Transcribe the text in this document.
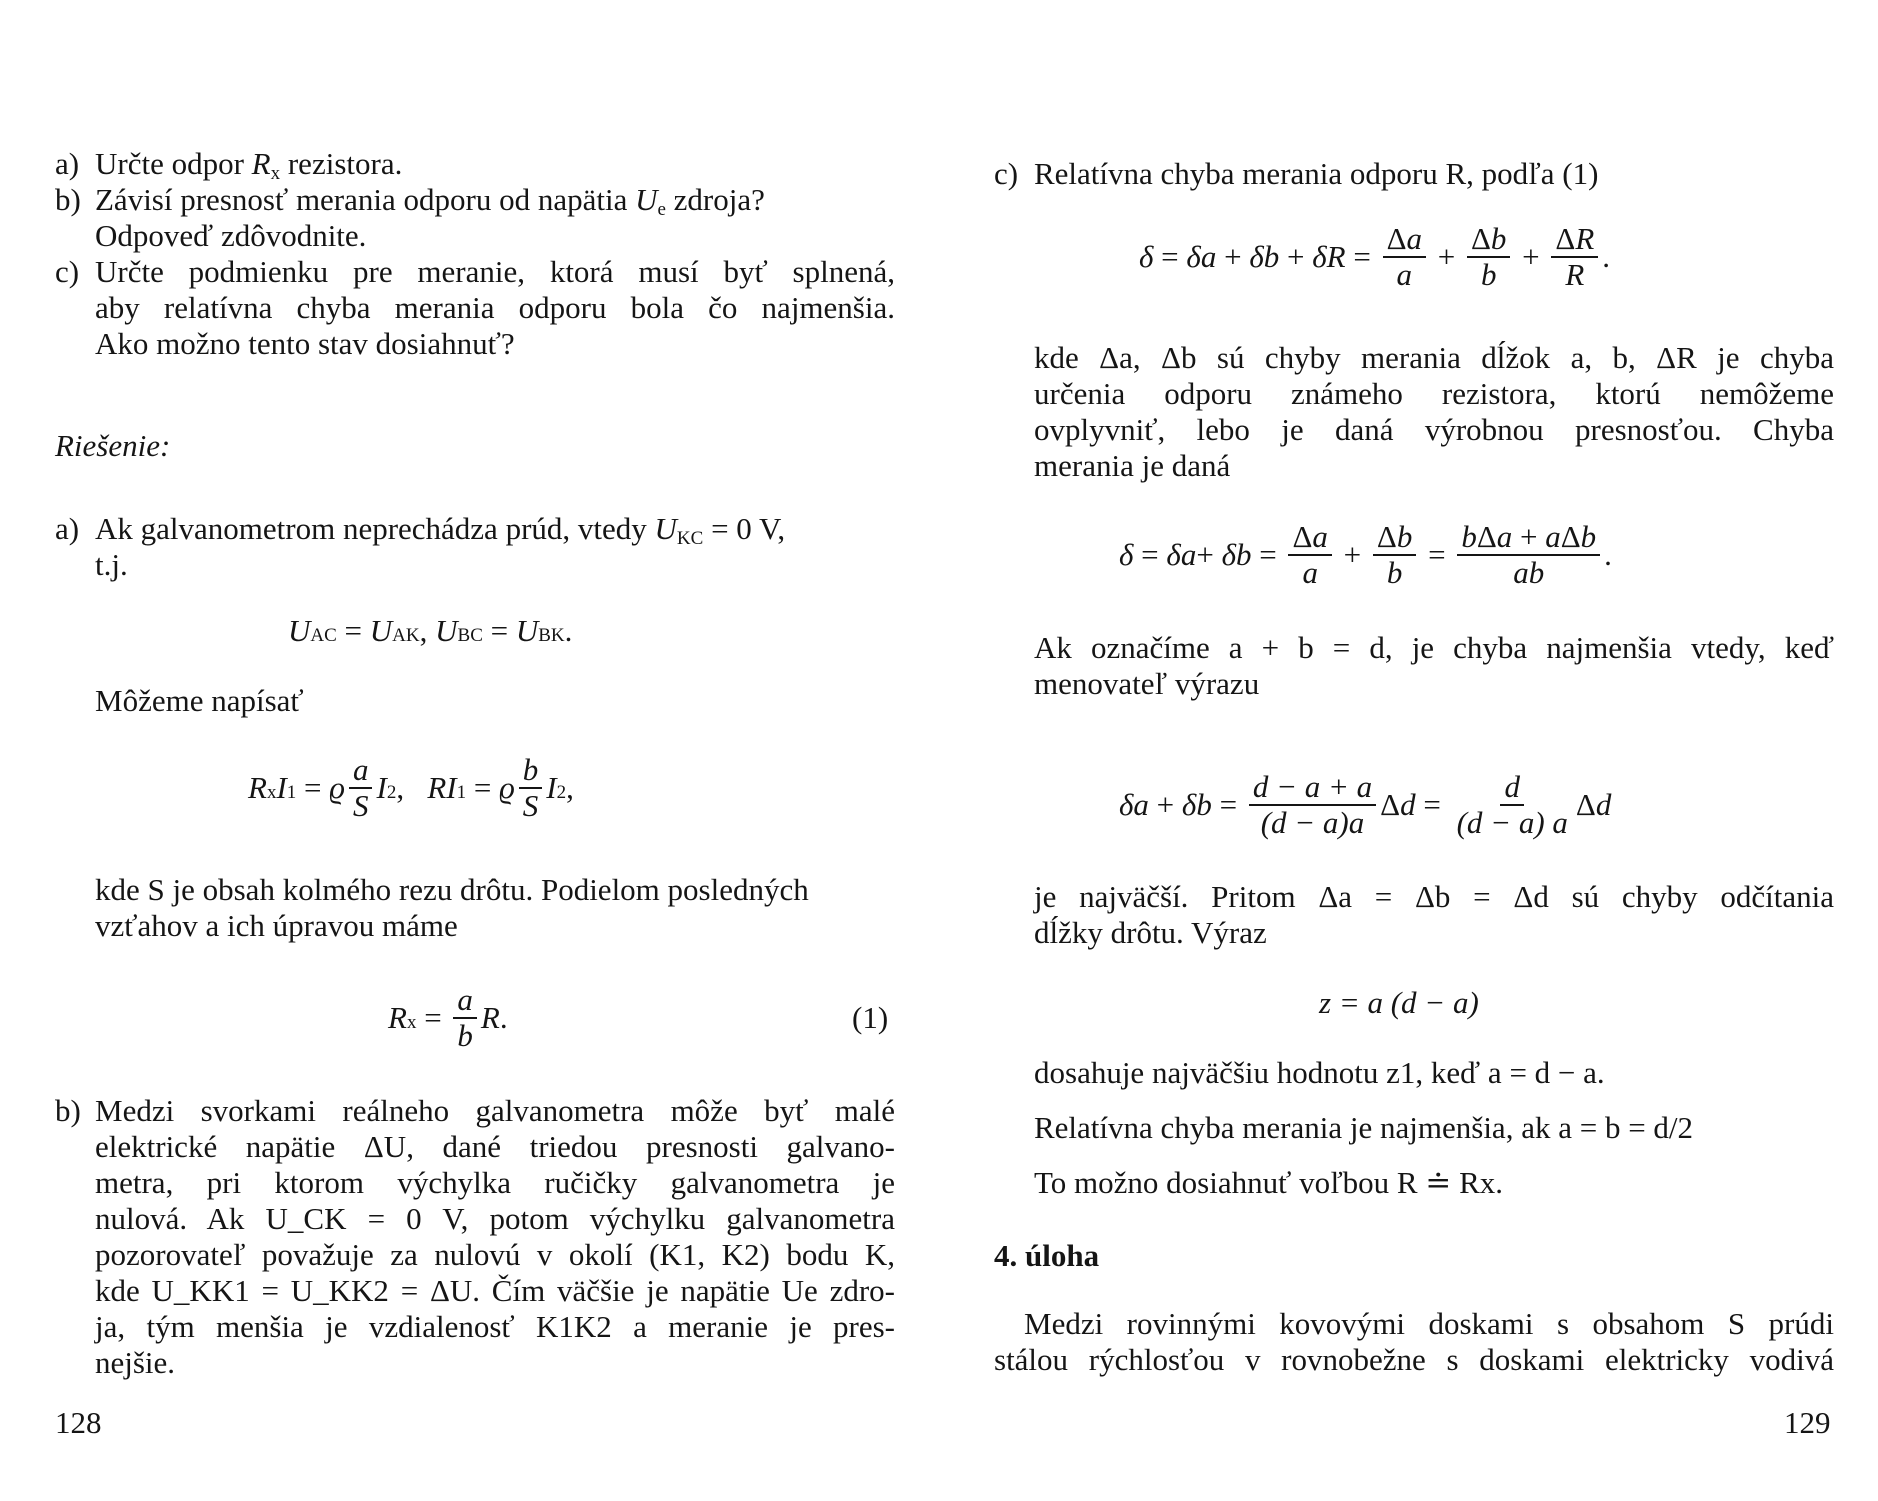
a) Určte odpor Rx rezistora.
b) Závisí presnosť merania odporu od napätia Ue zdroja?
Odpoveď zdôvodnite.
c) Určte podmienku pre meranie, ktorá musí byť splnená,
aby relatívna chyba merania odporu bola čo najmenšia.
Ako možno tento stav dosiahnuť?
Riešenie:
a) Ak galvanometrom neprechádza prúd, vtedy UKC = 0 V,
t.j.
U AC = U AK , U BC = U BK .
Môžeme napísať
R x I 1 = ϱ $\frac{a}{S}$ I 2 , RI 1 = ϱ $\frac{b}{S}$ I 2 ,
kde S je obsah kolmého rezu drôtu. Podielom posledných
vzťahov a ich úpravou máme
R $x = \frac{a}{b}$ R .	(1)
b) Medzi svorkami reálneho galvanometra môže byť malé
elektrické napätie ΔU, dané triedou presnosti galvano-
metra, pri ktorom výchylka ručičky galvanometra je
nulová. Ak U_CK = 0 V, potom výchylku galvanometra
pozorovateľ považuje za nulovú v okolí (K1, K2) bodu K,
kde U_KK1 = U_KK2 = ΔU. Čím väčšie je napätie Ue zdro-
ja, tým menšia je vzdialenosť K1K2 a meranie je pres-
nejšie.
128
c) Relatívna chyba merania odporu R, podľa (1)
$\delta = \delta a + \delta b + \delta R = \frac{\Delta a}{a} + \frac{\Delta b}{b} + \frac{\Delta R}{R}$ .
kde Δa, Δb sú chyby merania dĺžok a, b, ΔR je chyba
určenia odporu známeho rezistora, ktorú nemôžeme
ovplyvniť, lebo je daná výrobnou presnosťou. Chyba
merania je daná
$\delta = \delta a + \delta b = \frac{\Delta a}{a} + \frac{\Delta b}{b} = \frac{\text{bΔa + aΔb}}{ab}$ .
Ak označíme a + b = d, je chyba najmenšia vtedy, keď
menovateľ výrazu
$\delta a + \delta b = \frac{d - a + a}{(d - a)a}$ Δ $d = \frac{d}{(d - a) a}$ Δ d
je najväčší. Pritom Δa = Δb = Δd sú chyby odčítania
dĺžky drôtu. Výraz
z = a (d − a)
dosahuje najväčšiu hodnotu z1, keď a = d − a.
Relatívna chyba merania je najmenšia, ak a = b = d/2
To možno dosiahnuť voľbou R ≐ Rx.
4. úloha
Medzi rovinnými kovovými doskami s obsahom S prúdi
stálou rýchlosťou v rovnobežne s doskami elektricky vodivá
129
